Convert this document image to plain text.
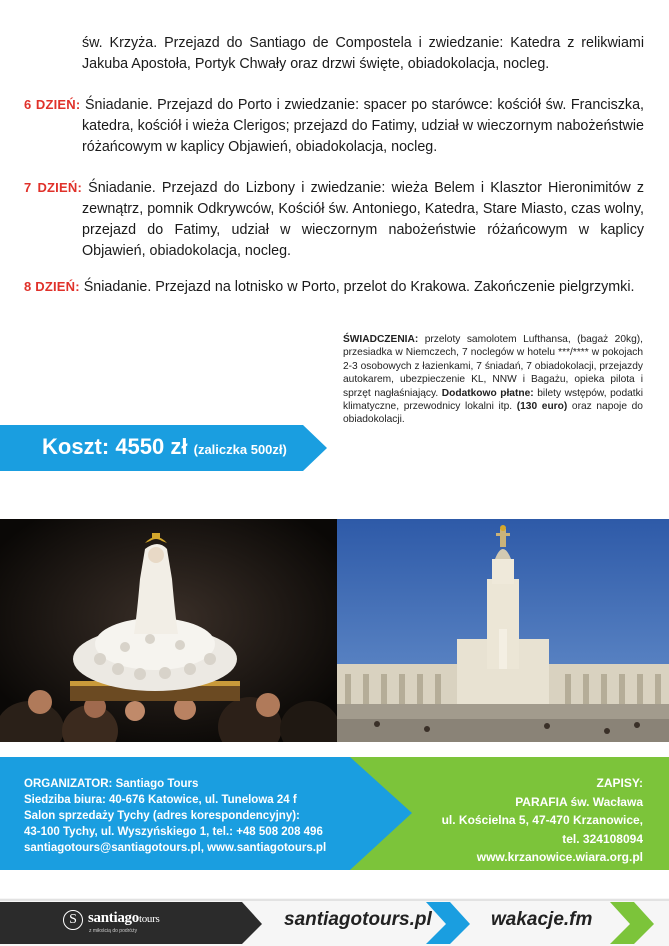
św. Krzyża. Przejazd do Santiago de Compostela i zwiedzanie: Katedra z relikwiami Jakuba Apostoła, Portyk Chwały oraz drzwi święte, obiadokolacja, nocleg.

6 DZIEŃ: Śniadanie. Przejazd do Porto i zwiedzanie: spacer po starówce: kościół św. Franciszka, katedra, kościół i wieża Clerigos; przejazd do Fatimy, udział w wieczornym nabożeństwie różańcowym w kaplicy Objawień, obiadokolacja, nocleg.

7 DZIEŃ: Śniadanie. Przejazd do Lizbony i zwiedzanie: wieża Belem i Klasztor Hieronimitów z zewnątrz, pomnik Odkrywców, Kościół św. Antoniego, Katedra, Stare Miasto, czas wolny, przejazd do Fatimy, udział w wieczornym nabożeństwie różańcowym w kaplicy Objawień, obiadokolacja, nocleg.

8 DZIEŃ: Śniadanie. Przejazd na lotnisko w Porto, przelot do Krakowa. Zakończenie pielgrzymki.

Koszt: 4550 zł (zaliczka 500zł)
ŚWIADCZENIA: przeloty samolotem Lufthansa, (bagaż 20kg), przesiadka w Niemczech, 7 noclegów w hotelu ***/**** w pokojach 2-3 osobowych z łazienkami, 7 śniadań, 7 obiadokolacji, przejazdy autokarem, ubezpieczenie KL, NNW i Bagażu, opieka pilota i sprzęt nagłaśniający. Dodatkowo płatne: bilety wstępów, podatki klimatyczne, przewodnicy lokalni itp. (130 euro) oraz napoje do obiadokolacji.
ORGANIZATOR: Santiago Tours
Siedziba biura: 40-676 Katowice, ul. Tunelowa 24 f
Salon sprzedaży Tychy (adres korespondencyjny):
43-100 Tychy, ul. Wyszyńskiego 1, tel.: +48 508 208 496
santiagotours@santiagotours.pl, www.santiagotours.pl
ZAPISY:
PARAFIA św. Wacława
ul. Kościelna 5, 47-470 Krzanowice,
tel. 324108094
www.krzanowice.wiara.org.pl
S santiagotours
z miłością do podróży
santiagotours.pl	wakacje.fm
